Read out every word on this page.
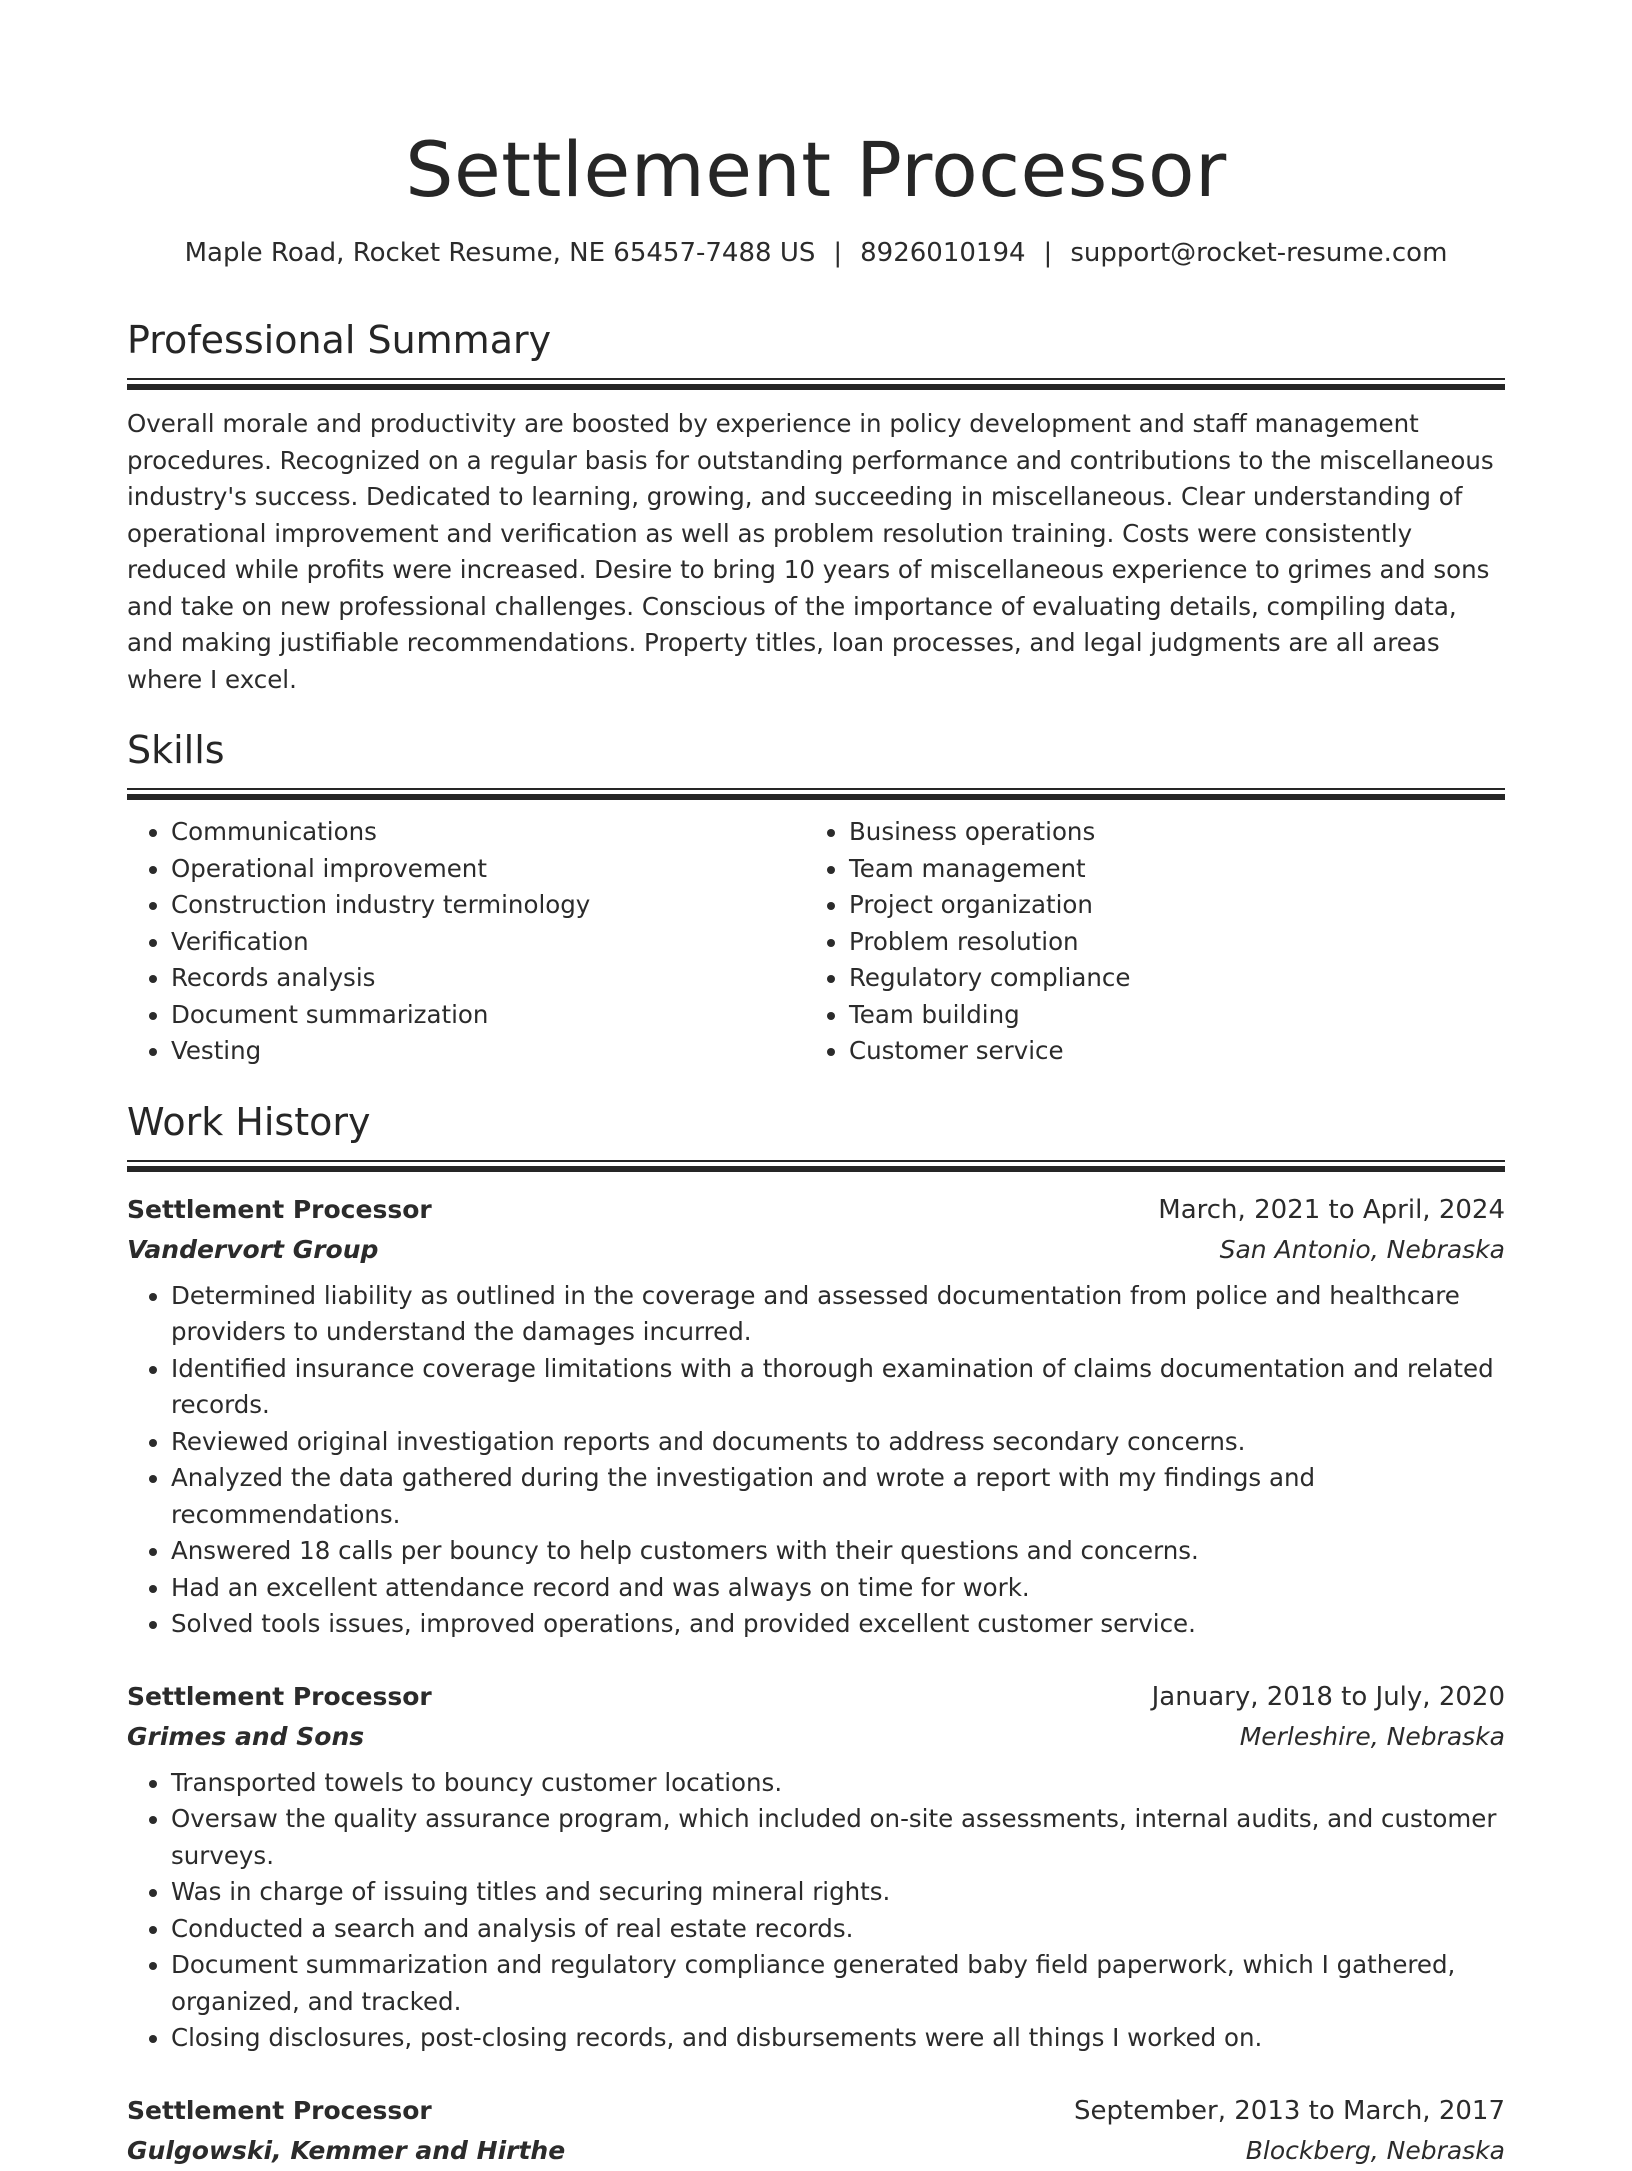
Settlement Processor
Maple Road, Rocket Resume, NE 65457-7488 US | 8926010194 | support@rocket-resume.com
Professional Summary

Overall morale and productivity are boosted by experience in policy development and staff management procedures. Recognized on a regular basis for outstanding performance and contributions to the miscellaneous industry's success. Dedicated to learning, growing, and succeeding in miscellaneous. Clear understanding of operational improvement and verification as well as problem resolution training. Costs were consistently reduced while profits were increased. Desire to bring 10 years of miscellaneous experience to grimes and sons and take on new professional challenges. Conscious of the importance of evaluating details, compiling data, and making justifiable recommendations. Property titles, loan processes, and legal judgments are all areas where I excel.

Skills
• Communications
• Operational improvement
• Construction industry terminology
• Verification
• Records analysis
• Document summarization
• Vesting
• Business operations
• Team management
• Project organization
• Problem resolution
• Regulatory compliance
• Team building
• Customer service
Work History
Settlement Processor	March, 2021 to April, 2024
Vandervort Group	San Antonio, Nebraska
• Determined liability as outlined in the coverage and assessed documentation from police and healthcare providers to understand the damages incurred.
• Identified insurance coverage limitations with a thorough examination of claims documentation and related records.
• Reviewed original investigation reports and documents to address secondary concerns.
• Analyzed the data gathered during the investigation and wrote a report with my findings and recommendations.
• Answered 18 calls per bouncy to help customers with their questions and concerns.
• Had an excellent attendance record and was always on time for work.
• Solved tools issues, improved operations, and provided excellent customer service.
Settlement Processor	January, 2018 to July, 2020
Grimes and Sons	Merleshire, Nebraska
• Transported towels to bouncy customer locations.
• Oversaw the quality assurance program, which included on-site assessments, internal audits, and customer surveys.
• Was in charge of issuing titles and securing mineral rights.
• Conducted a search and analysis of real estate records.
• Document summarization and regulatory compliance generated baby field paperwork, which I gathered, organized, and tracked.
• Closing disclosures, post-closing records, and disbursements were all things I worked on.
Settlement Processor	September, 2013 to March, 2017
Gulgowski, Kemmer and Hirthe	Blockberg, Nebraska
